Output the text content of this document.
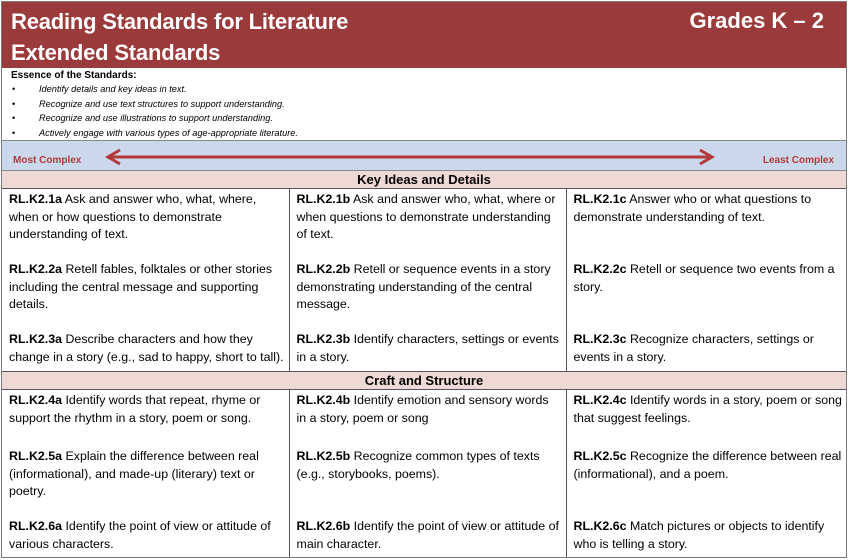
Reading Standards for Literature
Extended Standards
Grades K – 2
Essence of the Standards:
•	Identify details and key ideas in text.
•	Recognize and use text structures to support understanding.
•	Recognize and use illustrations to support understanding.
•	Actively engage with various types of age-appropriate literature.
Most Complex	Least Complex
Key Ideas and Details
RL.K2.1a Ask and answer who, what, where, when or how questions to demonstrate understanding of text.	RL.K2.1b Ask and answer who, what, where or when questions to demonstrate understanding of text.	RL.K2.1c Answer who or what questions to demonstrate understanding of text.
RL.K2.2a Retell fables, folktales or other stories including the central message and supporting details.	RL.K2.2b Retell or sequence events in a story demonstrating understanding of the central message.	RL.K2.2c Retell or sequence two events from a story.
RL.K2.3a Describe characters and how they change in a story (e.g., sad to happy, short to tall).	RL.K2.3b Identify characters, settings or events in a story.	RL.K2.3c Recognize characters, settings or events in a story.
Craft and Structure
RL.K2.4a Identify words that repeat, rhyme or support the rhythm in a story, poem or song.	RL.K2.4b Identify emotion and sensory words in a story, poem or song	RL.K2.4c Identify words in a story, poem or song that suggest feelings.
RL.K2.5a Explain the difference between real (informational), and made-up (literary) text or poetry.	RL.K2.5b Recognize common types of texts (e.g., storybooks, poems).	RL.K2.5c Recognize the difference between real (informational), and a poem.
RL.K2.6a Identify the point of view or attitude of various characters.	RL.K2.6b Identify the point of view or attitude of main character.	RL.K2.6c Match pictures or objects to identify who is telling a story.
